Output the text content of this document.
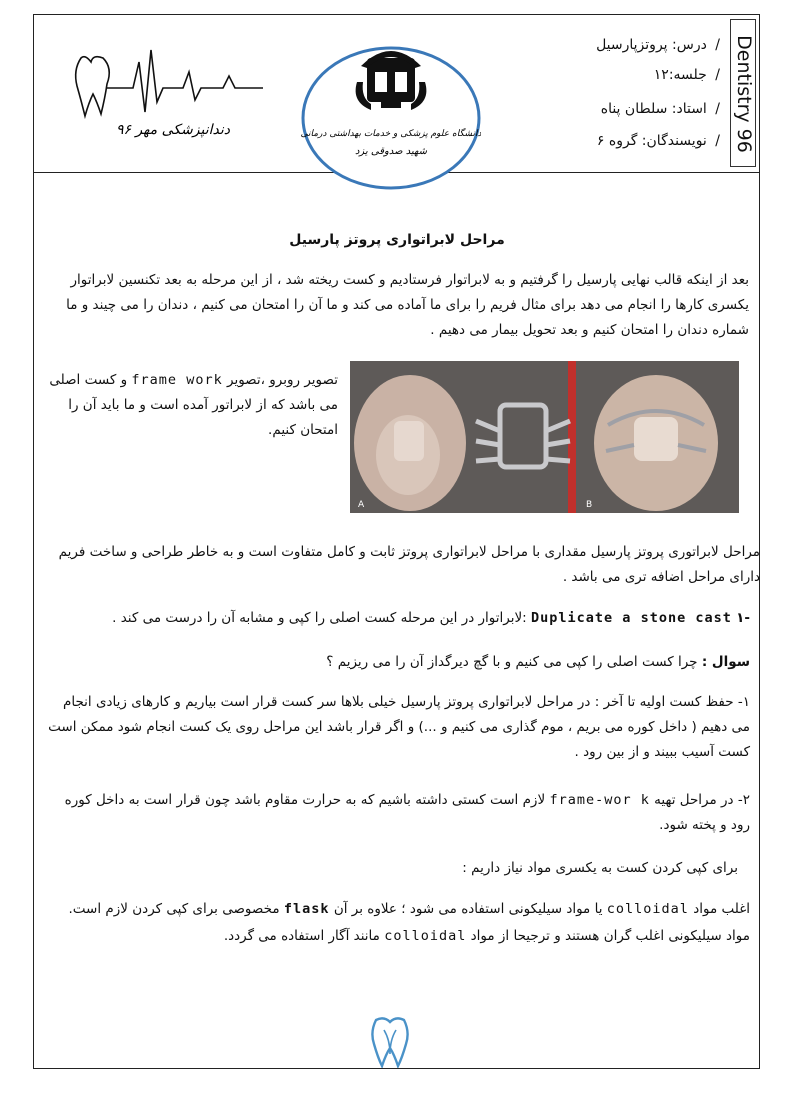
Dentistry 96
/ درس: پروتزپارسیل
/ جلسه:۱۲
/ استاد: سلطان پناه
/ نویسندگان: گروه ۶
دانشگاه علوم پزشکی و خدمات بهداشتی درمانی
شهید صدوقی یزد
دندانپزشکی مهر ۹۶
مراحل لابراتواری پروتز پارسیل
بعد از اینکه قالب نهایی پارسیل را گرفتیم و به لابراتوار فرستادیم و کست ریخته شد ، از این مرحله به بعد تکنسین لابراتوار یکسری کارها را انجام می دهد برای مثال فریم را برای ما آماده می کند و ما آن را امتحان می کنیم ، دندان را می چیند و ما شماره دندان را امتحان کنیم و بعد تحویل بیمار می دهیم .
تصویر روبرو ،تصویر frame work و کست اصلی می باشد که از لابراتور آمده است و ما باید آن را امتحان کنیم.
A	B
مراحل لابراتوری پروتز پارسیل مقداری با مراحل لابراتواری پروتز ثابت و کامل متفاوت است و به خاطر طراحی و ساخت فریم دارای مراحل اضافه تری می باشد .
-۱ Duplicate a stone cast :لابراتوار در این مرحله کست اصلی را کپی و مشابه آن را درست می کند .
سوال : چرا کست اصلی را کپی می کنیم و با گچ دیرگداز آن را می ریزیم ؟
۱- حفظ کست اولیه تا آخر : در مراحل لابراتواری پروتز پارسیل خیلی بلاها سر کست قرار است بیاریم و کارهای زیادی انجام می دهیم ( داخل کوره می بریم ، موم گذاری می کنیم و ...) و اگر قرار باشد این مراحل روی یک کست انجام شود ممکن است کست آسیب ببیند و از بین رود .
۲- در مراحل تهیه frame-wor k لازم است کستی داشته باشیم که به حرارت مقاوم باشد چون قرار است به داخل کوره رود و پخته شود.
برای کپی کردن کست به یکسری مواد نیاز داریم :
اغلب مواد colloidal یا مواد سیلیکونی استفاده می شود ؛ علاوه بر آن flask مخصوصی برای کپی کردن لازم است.
مواد سیلیکونی اغلب گران هستند و ترجیحا از مواد colloidal مانند آگار استفاده می گردد.
